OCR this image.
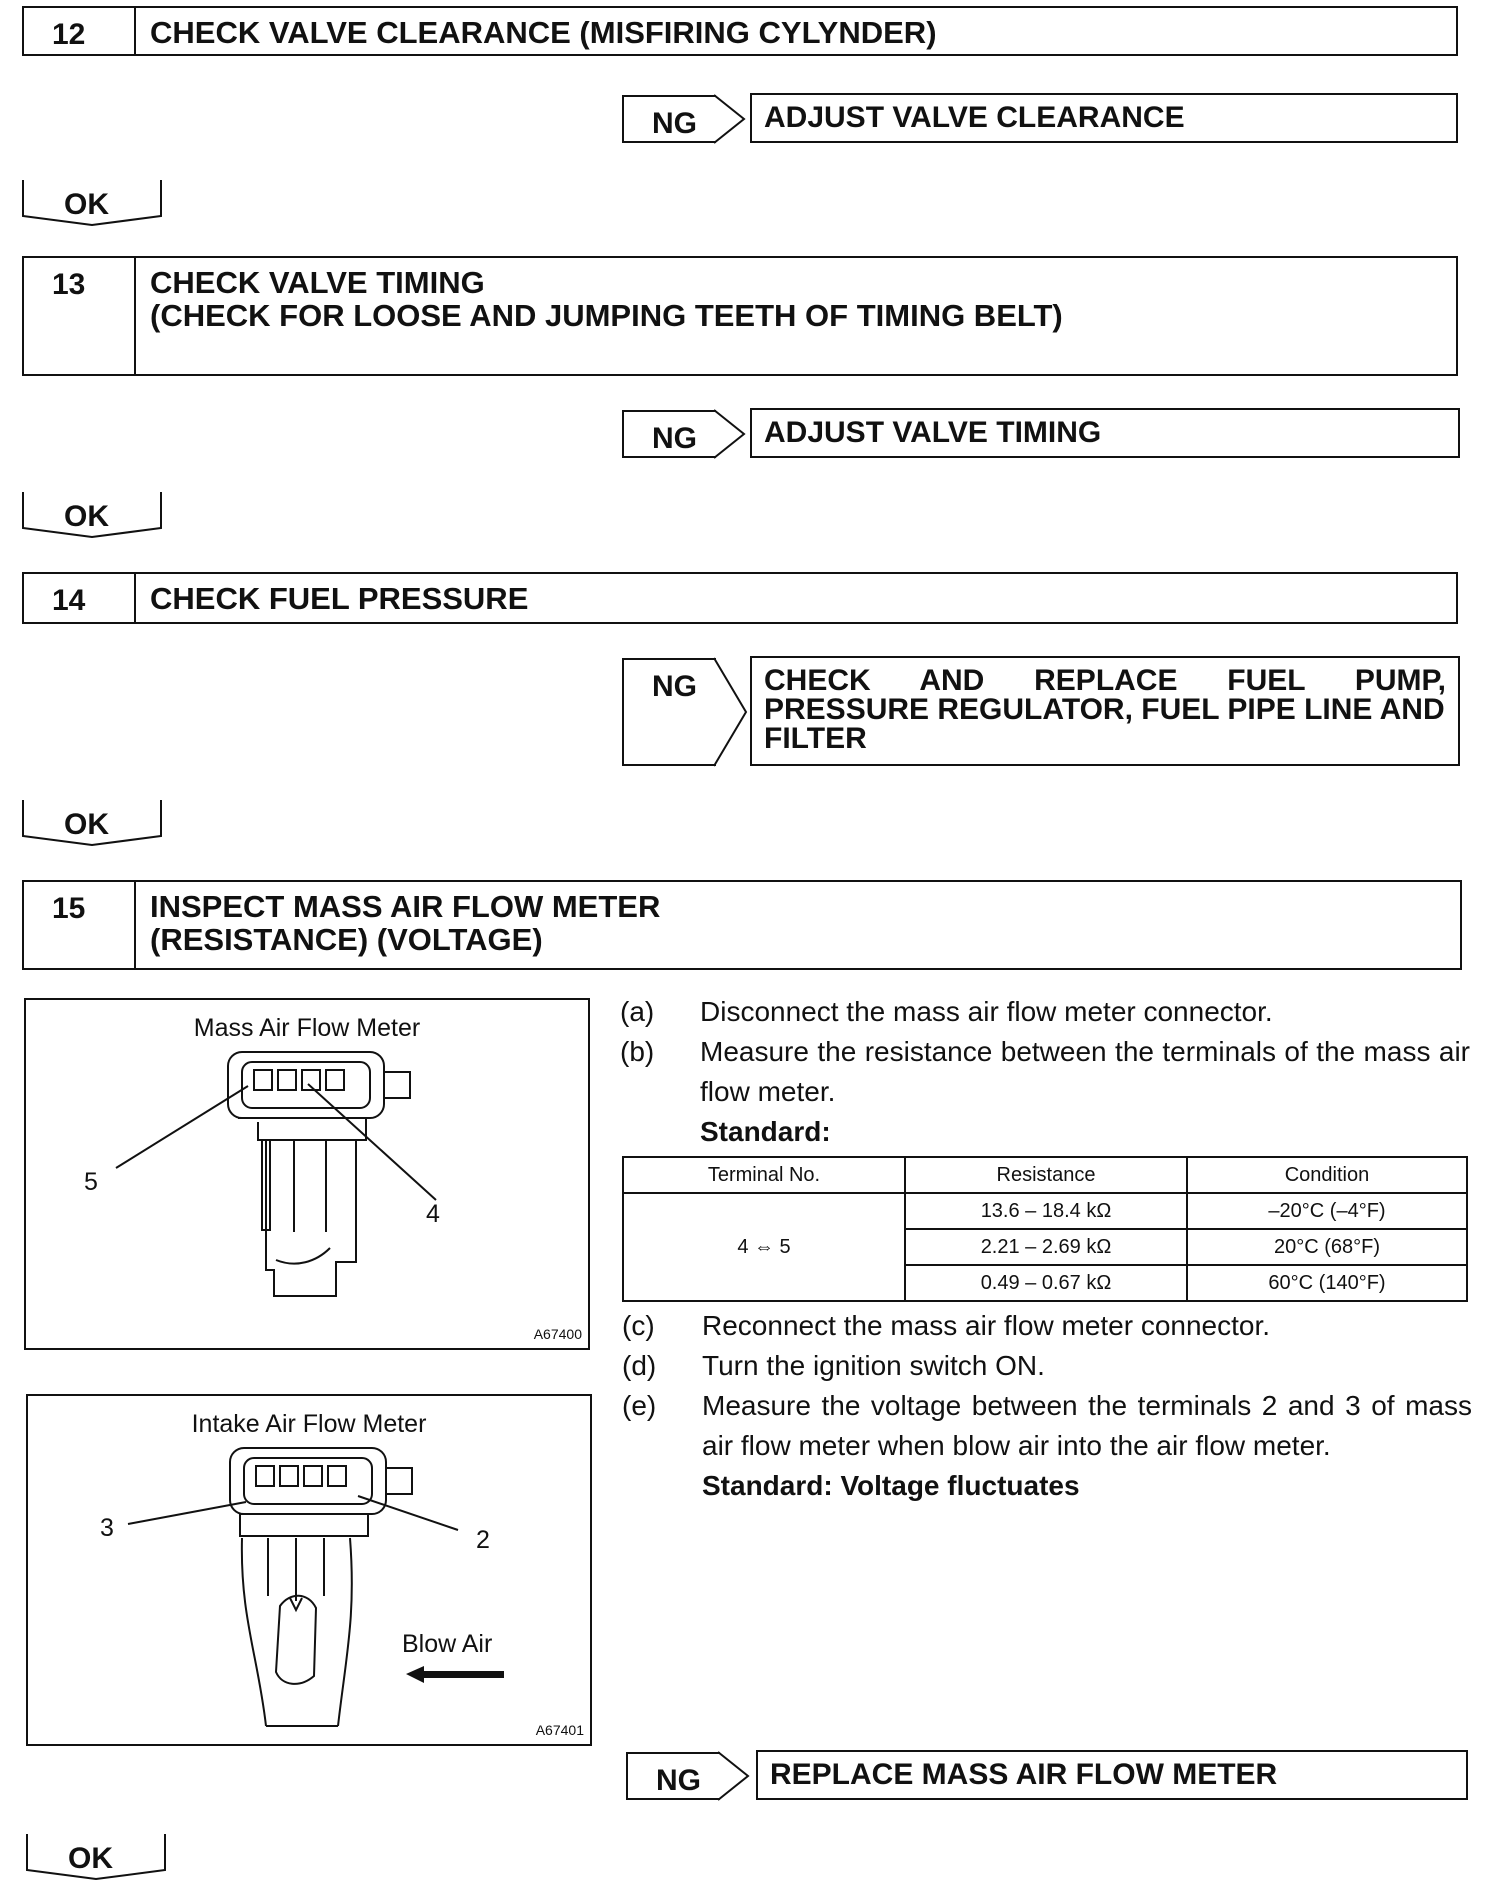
12	CHECK VALVE CLEARANCE (MISFIRING CYLYNDER)
NG	ADJUST VALVE CLEARANCE
OK
13	CHECK VALVE TIMING
(CHECK FOR LOOSE AND JUMPING TEETH OF TIMING BELT)
NG	ADJUST VALVE TIMING
OK
14	CHECK FUEL PRESSURE
NG CHECK AND REPLACE FUEL PUMP,
PRESSURE REGULATOR, FUEL PIPE LINE AND
FILTER
OK
15	INSPECT MASS AIR FLOW METER
(RESISTANCE) (VOLTAGE)
Mass Air Flow Meter
5
4
A67400
Intake Air Flow Meter
3	2
Blow Air
A67401
(a) Disconnect the mass air flow meter connector.
(b) Measure the resistance between the terminals of the mass air flow meter.
Standard:
Terminal No.	Resistance	Condition
4 ⇔ 5	13.6 – 18.4 kΩ	–20°C (–4°F)
	2.21 – 2.69 kΩ	20°C (68°F)
	0.49 – 0.67 kΩ	60°C (140°F)
(c) Reconnect the mass air flow meter connector.
(d) Turn the ignition switch ON.
(e) Measure the voltage between the terminals 2 and 3 of mass air flow meter when blow air into the air flow meter.
Standard: Voltage fluctuates
NG	REPLACE MASS AIR FLOW METER
OK
